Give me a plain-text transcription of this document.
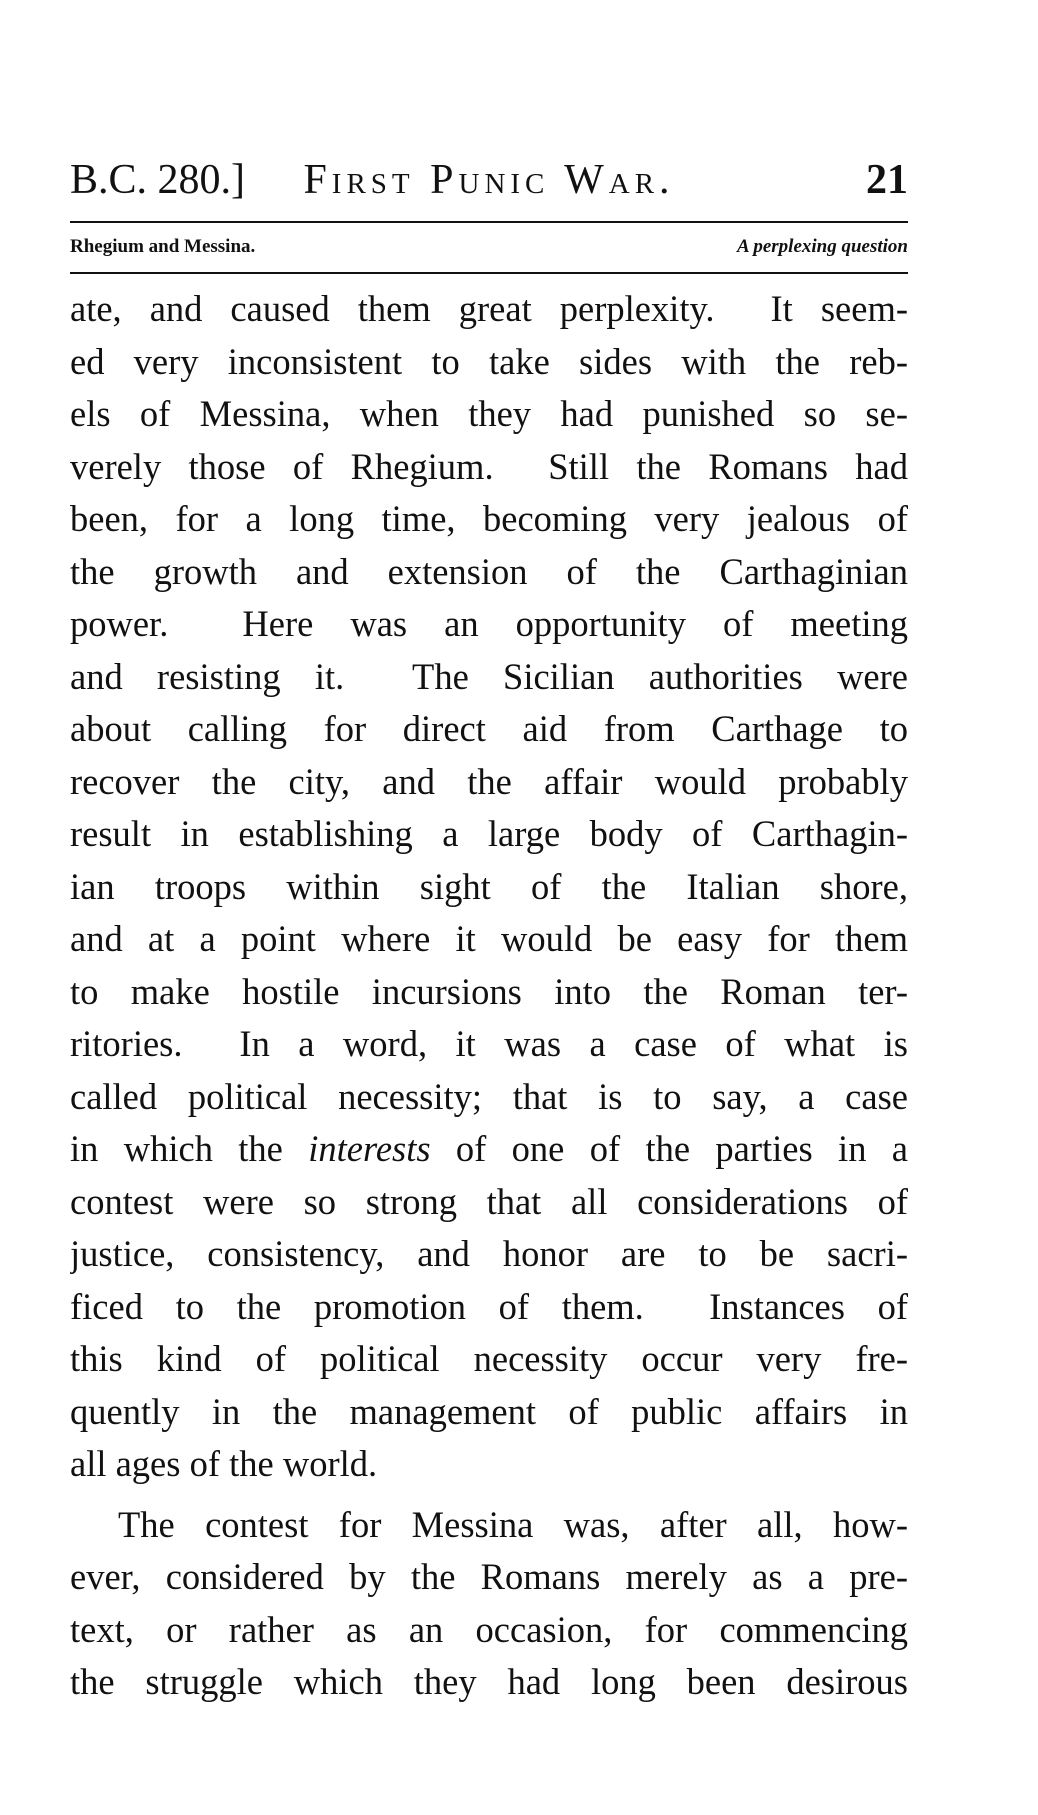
B.C. 280.]	First Punic War.	21
Rhegium and Messina.	A perplexing question
ate, and caused them great perplexity.  It seem-
ed very inconsistent to take sides with the reb-
els of Messina, when they had punished so se-
verely those of Rhegium.  Still the Romans had
been, for a long time, becoming very jealous of
the growth and extension of the Carthaginian
power.  Here was an opportunity of meeting
and resisting it.  The Sicilian authorities were
about calling for direct aid from Carthage to
recover the city, and the affair would probably
result in establishing a large body of Carthagin-
ian troops within sight of the Italian shore,
and at a point where it would be easy for them
to make hostile incursions into the Roman ter-
ritories.  In a word, it was a case of what is
called political necessity; that is to say, a case
in which the interests of one of the parties in a
contest were so strong that all considerations of
justice, consistency, and honor are to be sacri-
ficed to the promotion of them.  Instances of
this kind of political necessity occur very fre-
quently in the management of public affairs in
all ages of the world.
The contest for Messina was, after all, how-
ever, considered by the Romans merely as a pre-
text, or rather as an occasion, for commencing
the struggle which they had long been desirous
